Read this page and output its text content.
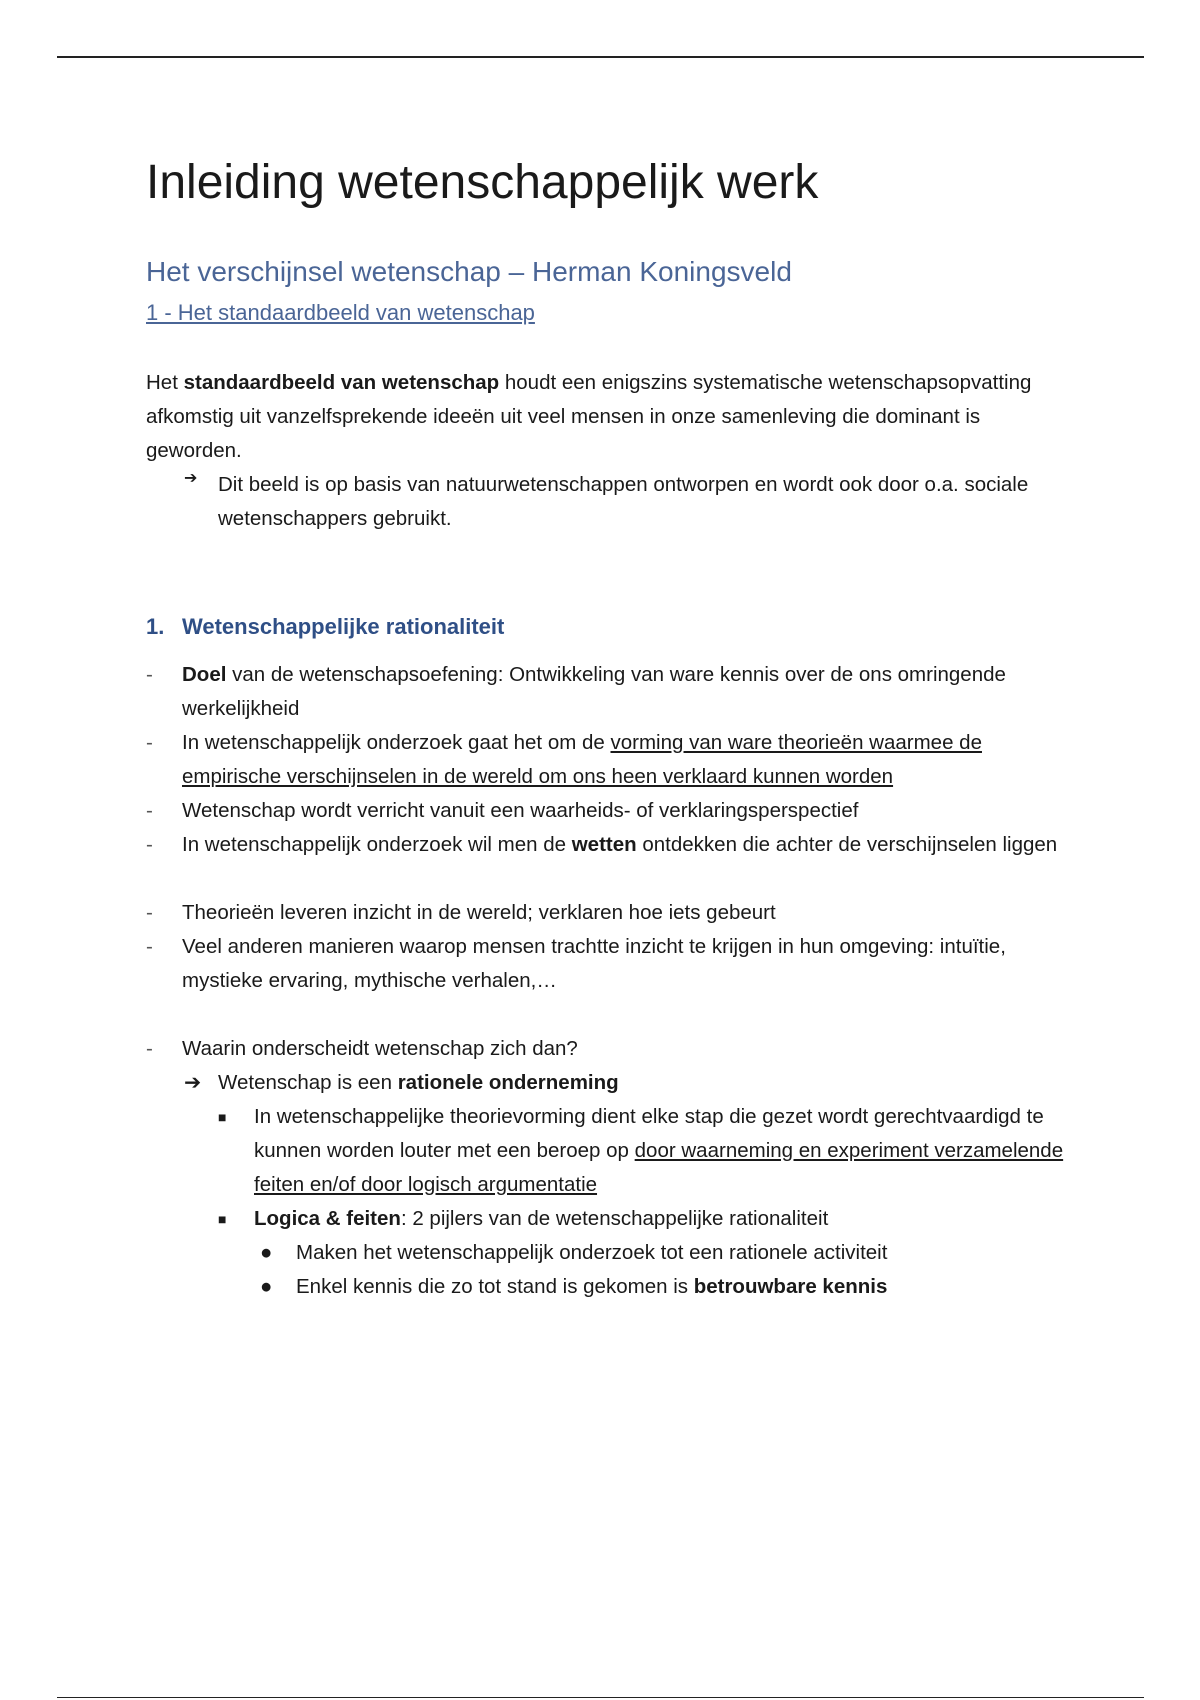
Inleiding wetenschappelijk werk
Het verschijnsel wetenschap – Herman Koningsveld
1 - Het standaardbeeld van wetenschap

Het standaardbeeld van wetenschap houdt een enigszins systematische wetenschapsopvatting afkomstig uit vanzelfsprekende ideeën uit veel mensen in onze samenleving die dominant is geworden.

➔	Dit beeld is op basis van natuurwetenschappen ontworpen en wordt ook door o.a. sociale wetenschappers gebruikt.

1. Wetenschappelijke rationaliteit
-	Doel van de wetenschapsoefening: Ontwikkeling van ware kennis over de ons omringende werkelijkheid
-	In wetenschappelijk onderzoek gaat het om de vorming van ware theorieën waarmee de empirische verschijnselen in de wereld om ons heen verklaard kunnen worden
-	Wetenschap wordt verricht vanuit een waarheids- of verklaringsperspectief
-	In wetenschappelijk onderzoek wil men de wetten ontdekken die achter de verschijnselen liggen
-	Theorieën leveren inzicht in de wereld; verklaren hoe iets gebeurt
-	Veel anderen manieren waarop mensen trachtte inzicht te krijgen in hun omgeving: intuïtie, mystieke ervaring, mythische verhalen,…
-	Waarin onderscheidt wetenschap zich dan?
➔ Wetenschap is een rationele onderneming
■	In wetenschappelijke theorievorming dient elke stap die gezet wordt gerechtvaardigd te kunnen worden louter met een beroep op door waarneming en experiment verzamelende feiten en/of door logisch argumentatie
■	Logica & feiten: 2 pijlers van de wetenschappelijke rationaliteit
●	Maken het wetenschappelijk onderzoek tot een rationele activiteit
●	Enkel kennis die zo tot stand is gekomen is betrouwbare kennis
